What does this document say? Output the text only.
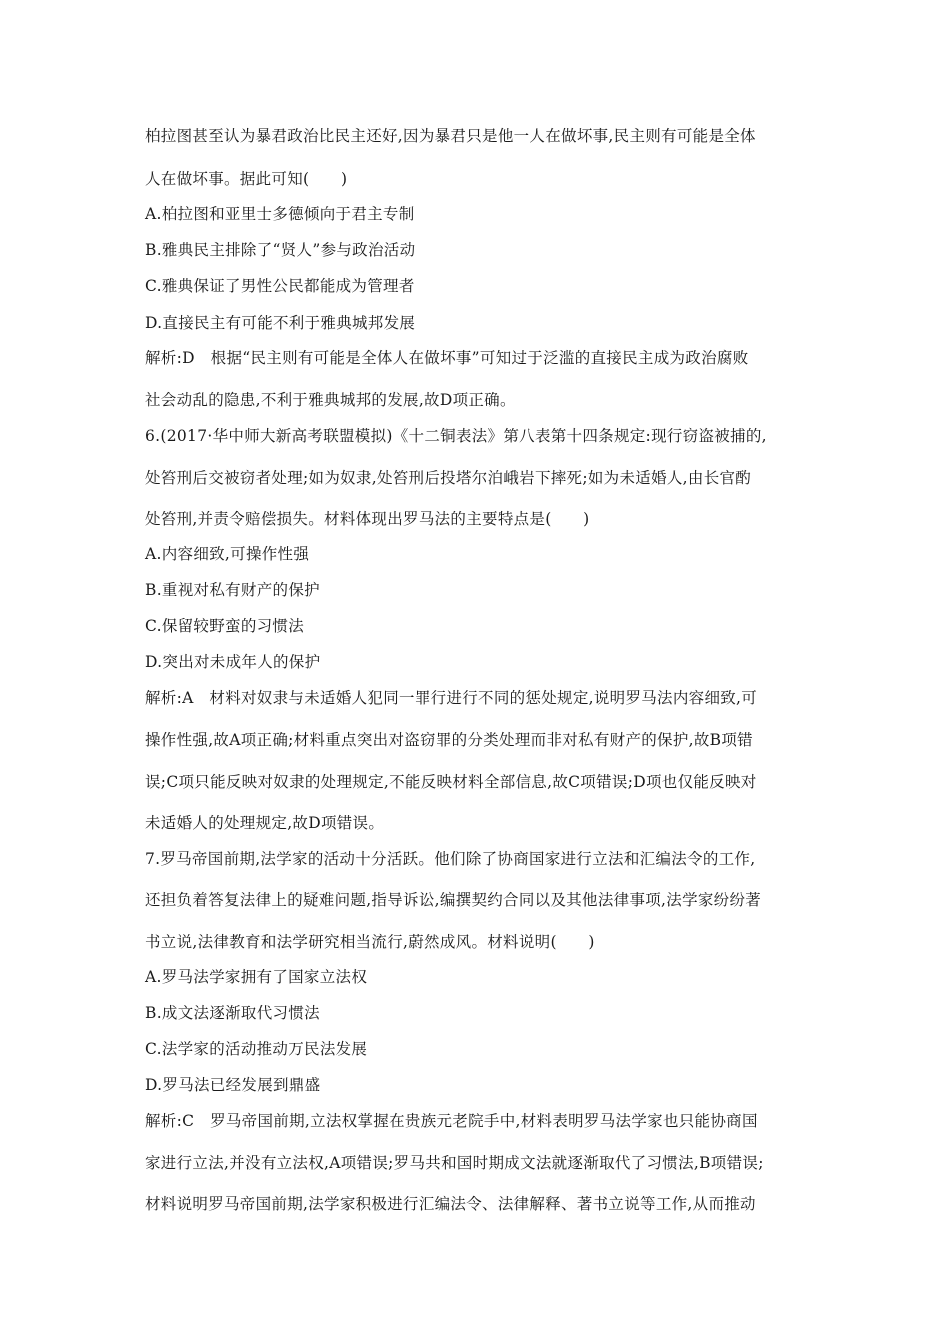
柏拉图甚至认为暴君政治比民主还好,因为暴君只是他一人在做坏事,民主则有可能是全体
人在做坏事。据此可知(　　)
A.柏拉图和亚里士多德倾向于君主专制
B.雅典民主排除了“贤人”参与政治活动
C.雅典保证了男性公民都能成为管理者
D.直接民主有可能不利于雅典城邦发展
解析:D　根据“民主则有可能是全体人在做坏事”可知过于泛滥的直接民主成为政治腐败
社会动乱的隐患,不利于雅典城邦的发展,故D项正确。
6.(2017·华中师大新高考联盟模拟)《十二铜表法》第八表第十四条规定:现行窃盗被捕的,
处笞刑后交被窃者处理;如为奴隶,处笞刑后投塔尔泊峨岩下摔死;如为未适婚人,由长官酌
处笞刑,并责令赔偿损失。材料体现出罗马法的主要特点是(　　)
A.内容细致,可操作性强
B.重视对私有财产的保护
C.保留较野蛮的习惯法
D.突出对未成年人的保护
解析:A　材料对奴隶与未适婚人犯同一罪行进行不同的惩处规定,说明罗马法内容细致,可
操作性强,故A项正确;材料重点突出对盗窃罪的分类处理而非对私有财产的保护,故B项错
误;C项只能反映对奴隶的处理规定,不能反映材料全部信息,故C项错误;D项也仅能反映对
未适婚人的处理规定,故D项错误。
7.罗马帝国前期,法学家的活动十分活跃。他们除了协商国家进行立法和汇编法令的工作,
还担负着答复法律上的疑难问题,指导诉讼,编撰契约合同以及其他法律事项,法学家纷纷著
书立说,法律教育和法学研究相当流行,蔚然成风。材料说明(　　)
A.罗马法学家拥有了国家立法权
B.成文法逐渐取代习惯法
C.法学家的活动推动万民法发展
D.罗马法已经发展到鼎盛
解析:C　罗马帝国前期,立法权掌握在贵族元老院手中,材料表明罗马法学家也只能协商国
家进行立法,并没有立法权,A项错误;罗马共和国时期成文法就逐渐取代了习惯法,B项错误;
材料说明罗马帝国前期,法学家积极进行汇编法令、法律解释、著书立说等工作,从而推动
